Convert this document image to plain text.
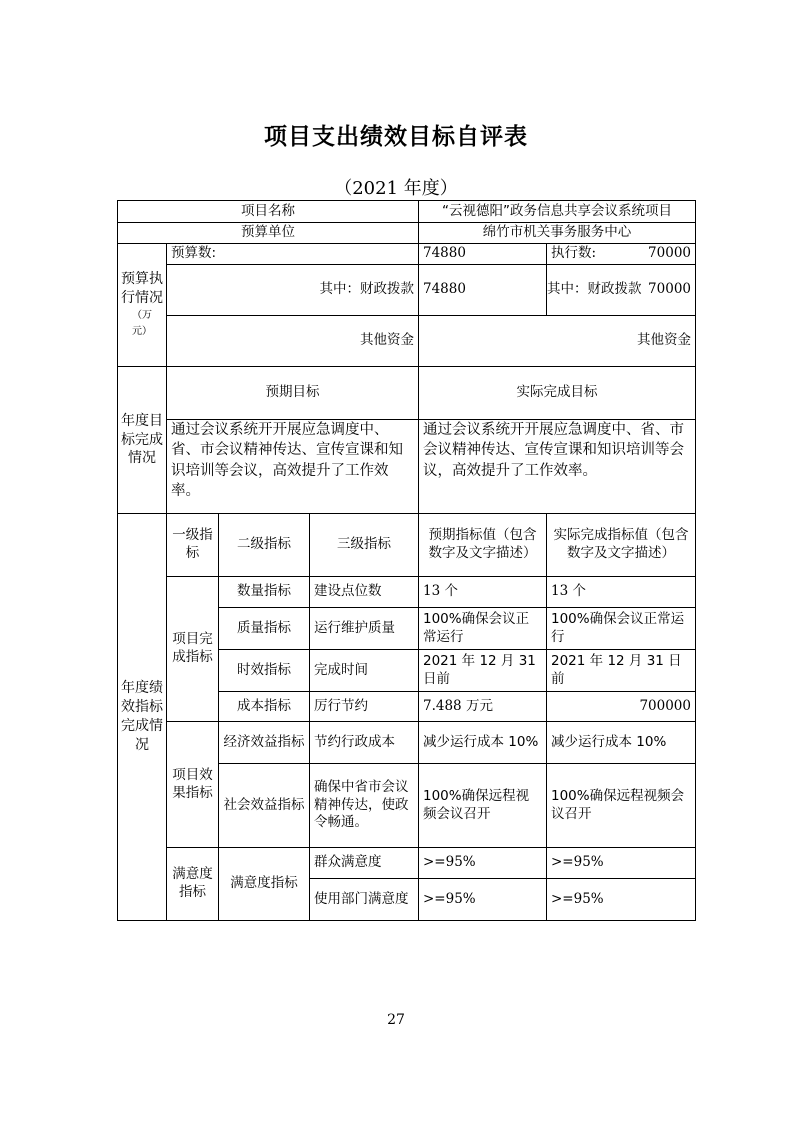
项目支出绩效目标自评表
（2021 年度）
项目名称				“云视德阳”政务信息共享会议系统项目	
预算单位				绵竹市机关事务服务中心	
预算执行情况
（万
元）	预算数:			74880	执行数: 70000
	其中：财政拨款			74880	其中：财政拨款 70000
	其他资金			其他资金	
年度目标完成情况	预期目标			实际完成目标	
	通过会议系统开开展应急调度中、省、市会议精神传达、宣传宣课和知识培训等会议，高效提升了工作效率。			通过会议系统开开展应急调度中、省、市会议精神传达、宣传宣课和知识培训等会议，高效提升了工作效率。	
年度绩效指标完成情况	一级指标	二级指标	三级指标	预期指标值（包含数字及文字描述）	实际完成指标值（包含数字及文字描述）
	项目完成指标	数量指标	建设点位数	13 个	13 个
		质量指标	运行维护质量	100%确保会议正常运行	100%确保会议正常运行
		时效指标	完成时间	2021 年 12 月 31 日前	2021 年 12 月 31 日前
		成本指标	厉行节约	7.488 万元	700000
	项目效果指标	经济效益指标	节约行政成本	减少运行成本 10%	减少运行成本 10%
		社会效益指标	确保中省市会议精神传达，使政令畅通。	100%确保远程视频会议召开	100%确保远程视频会议召开
	满意度指标	满意度指标	群众满意度	>=95%	>=95%
			使用部门满意度	>=95%	>=95%
27
